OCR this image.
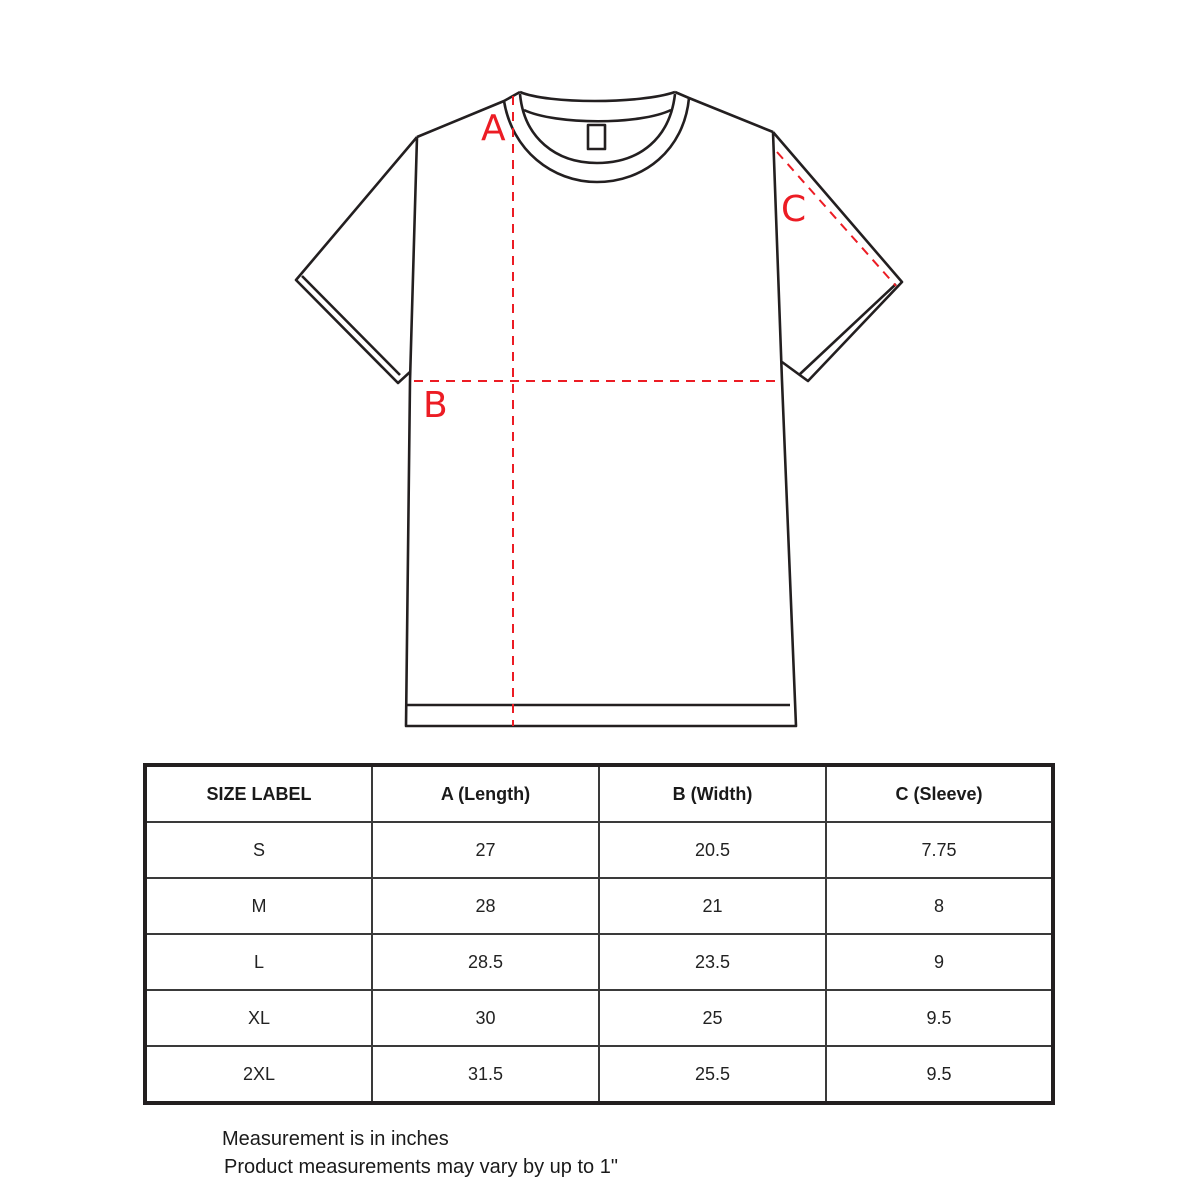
A
B
C
SIZE LABEL	A (Length)	B (Width)	C (Sleeve)
S	27	20.5	7.75
M	28	21	8
L	28.5	23.5	9
XL	30	25	9.5
2XL	31.5	25.5	9.5
Measurement is in inches
Product measurements may vary by up to 1"
